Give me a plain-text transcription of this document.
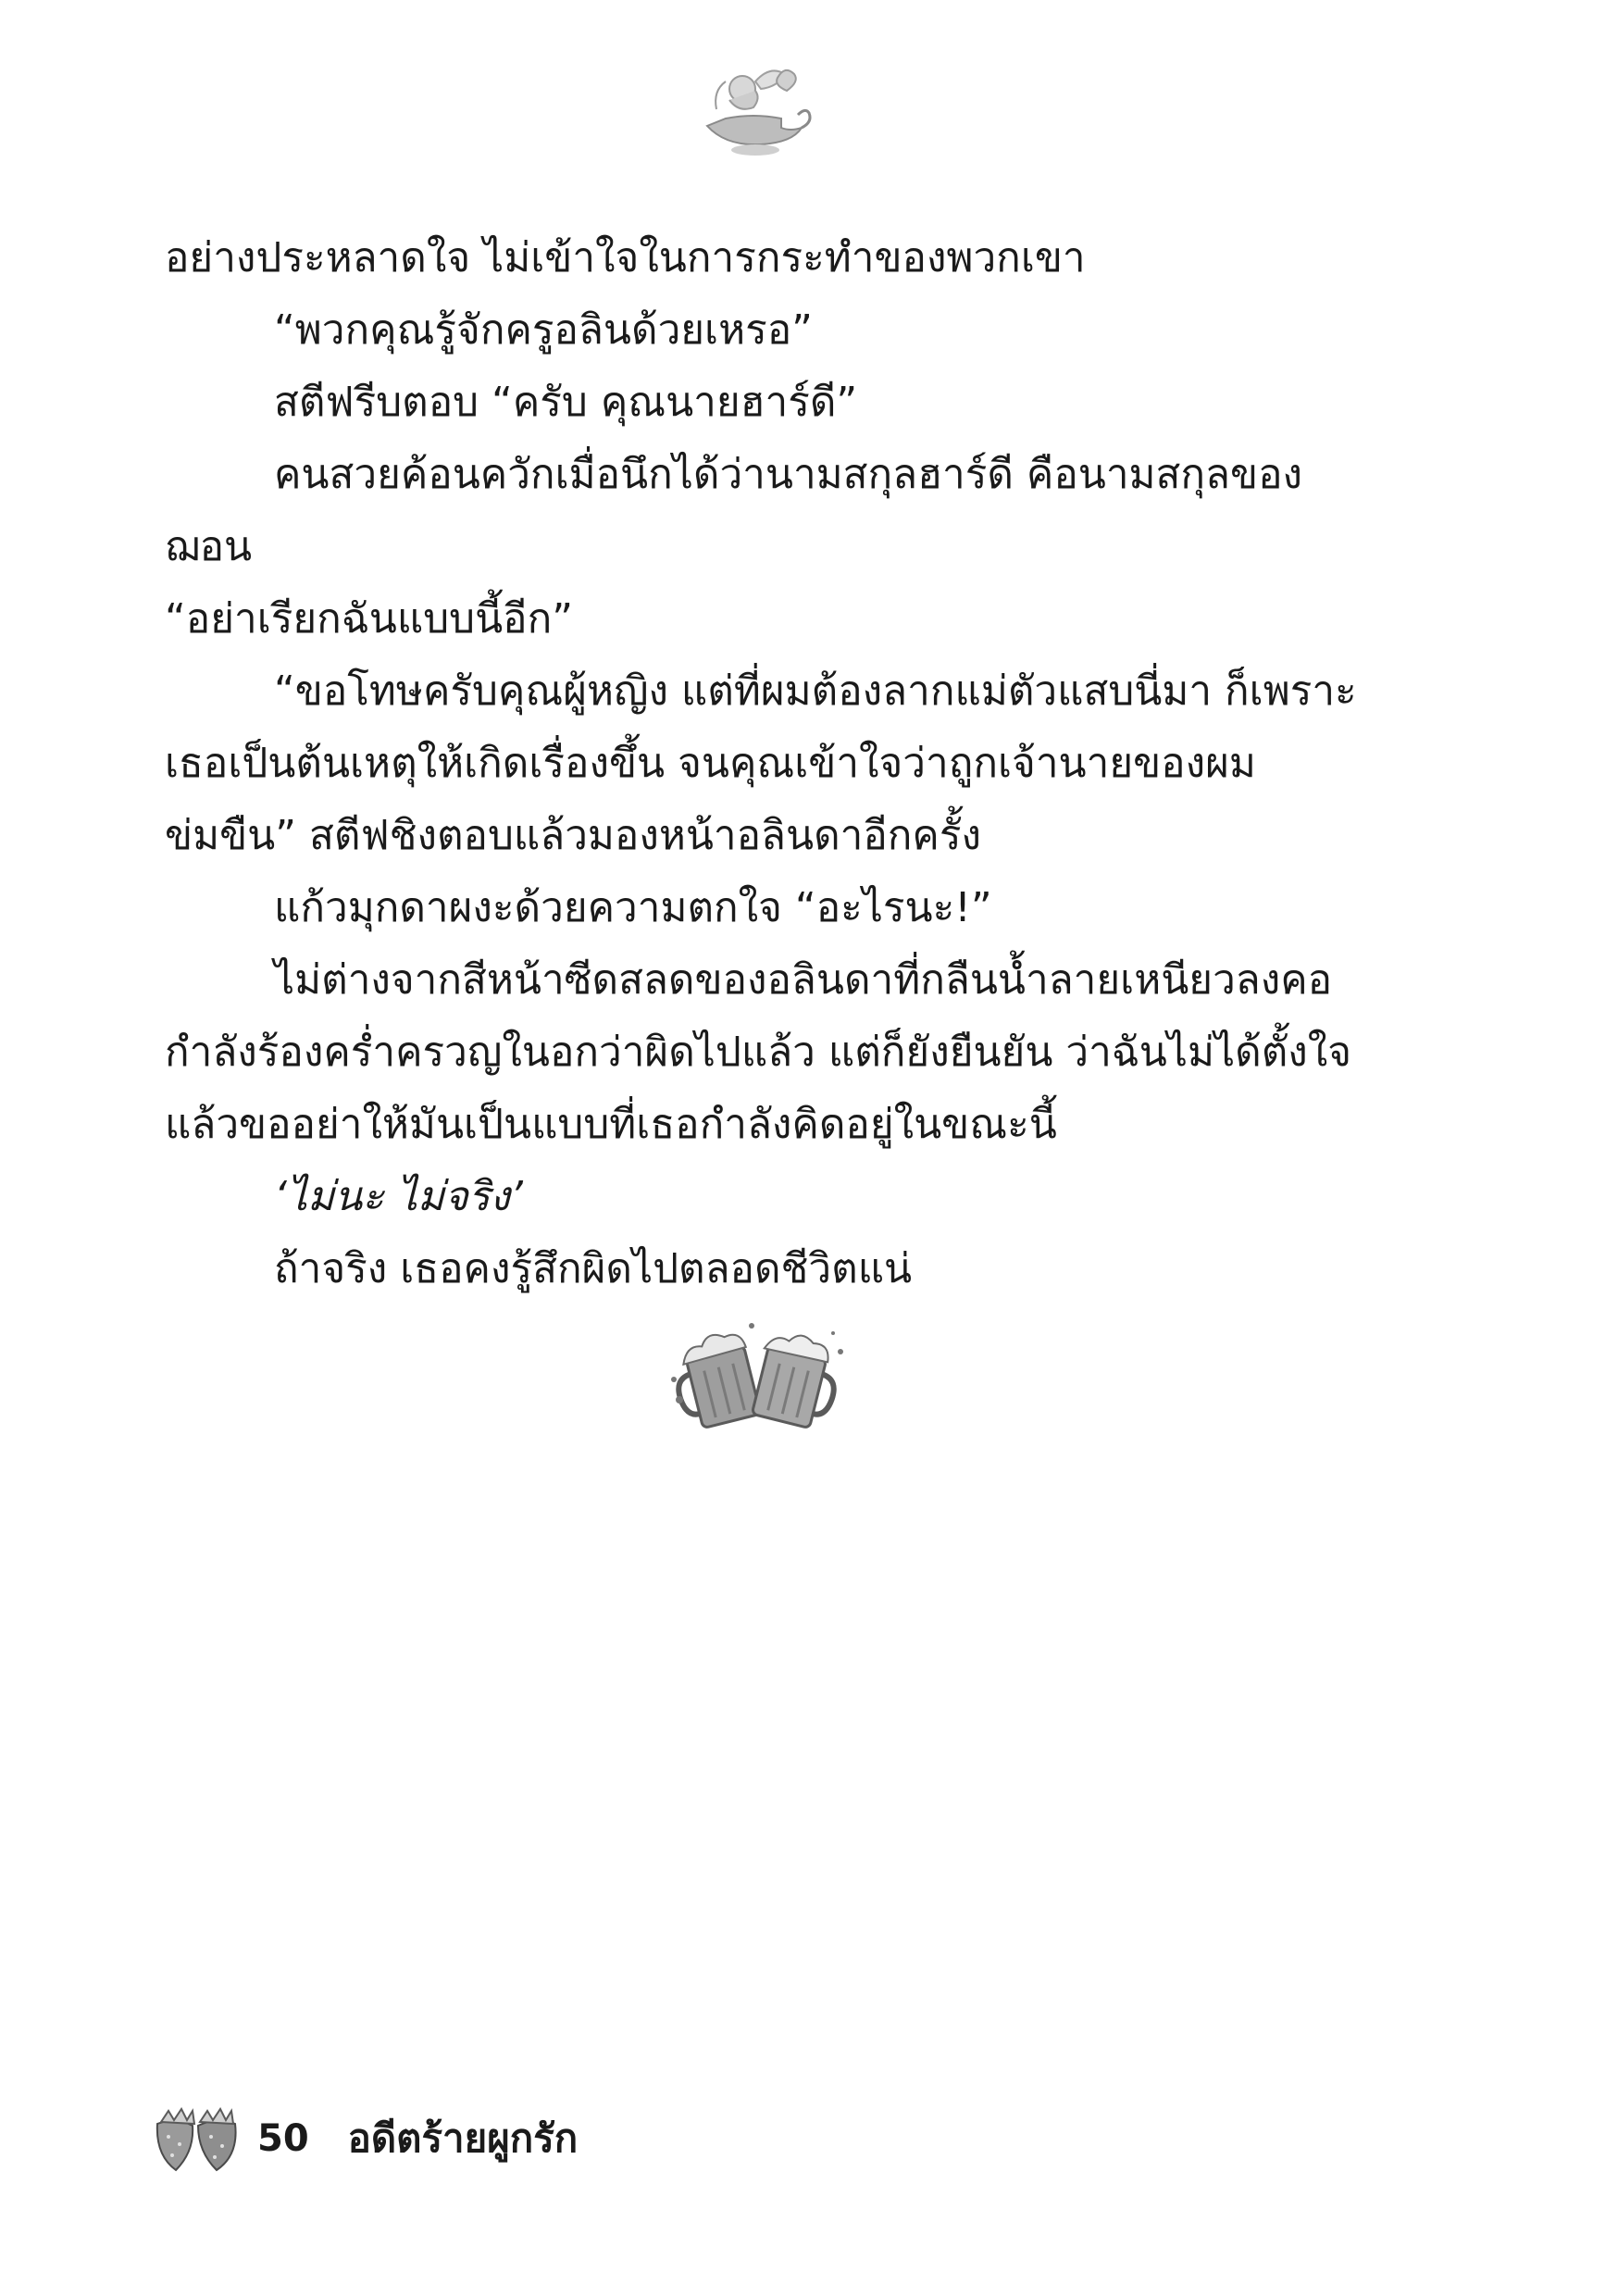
อย่างประหลาดใจ ไม่เข้าใจในการกระทำของพวกเขา

“พวกคุณรู้จักครูอลินด้วยเหรอ”

สตีฟรีบตอบ “ครับ คุณนายฮาร์ดี”

คนสวยค้อนควักเมื่อนึกได้ว่านามสกุลฮาร์ดี คือนามสกุลของฌอน

“อย่าเรียกฉันแบบนี้อีก”

“ขอโทษครับคุณผู้หญิง แต่ที่ผมต้องลากแม่ตัวแสบนี่มา ก็เพราะเธอเป็นต้นเหตุให้เกิดเรื่องขึ้น จนคุณเข้าใจว่าถูกเจ้านายของผมข่มขืน” สตีฟชิงตอบแล้วมองหน้าอลินดาอีกครั้ง

แก้วมุกดาผงะด้วยความตกใจ “อะไรนะ!”

ไม่ต่างจากสีหน้าซีดสลดของอลินดาที่กลืนน้ำลายเหนียวลงคอ กำลังร้องคร่ำครวญในอกว่าผิดไปแล้ว แต่ก็ยังยืนยัน ว่าฉันไม่ได้ตั้งใจ แล้วขออย่าให้มันเป็นแบบที่เธอกำลังคิดอยู่ในขณะนี้

‘ไม่นะ ไม่จริง’

ถ้าจริง เธอคงรู้สึกผิดไปตลอดชีวิตแน่

50 อดีตร้ายผูกรัก
